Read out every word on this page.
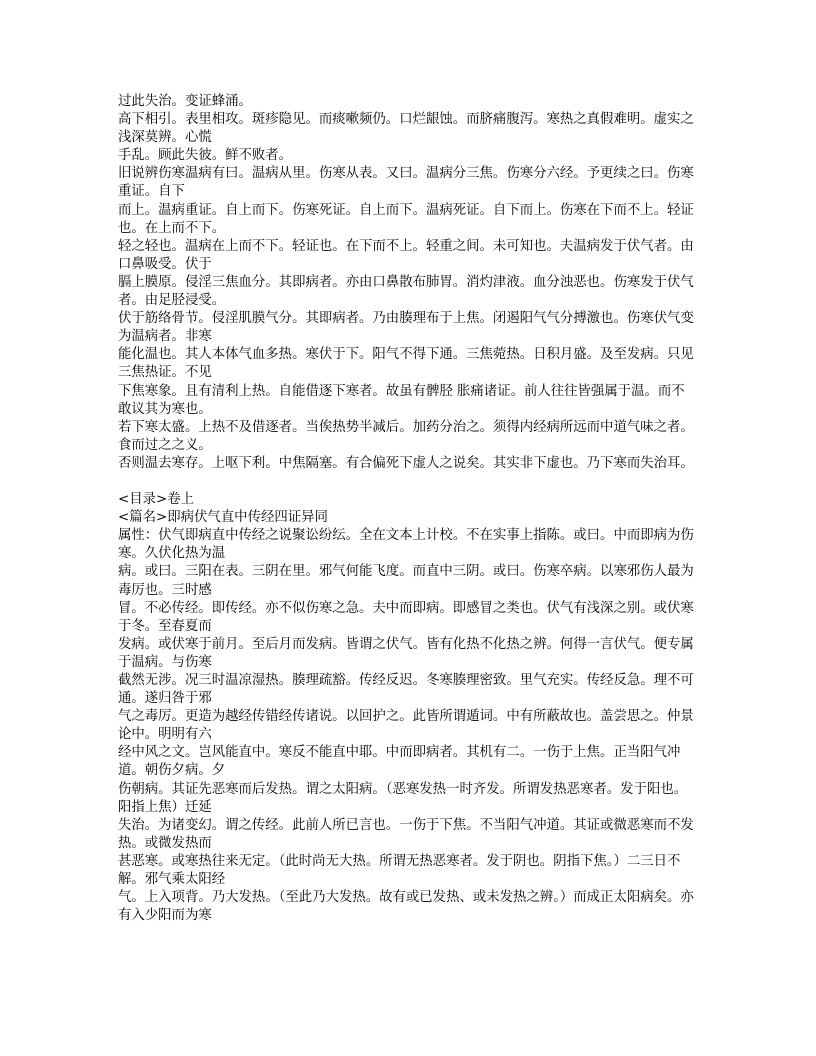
过此失治。变证蜂涌。

高下相引。表里相攻。斑疹隐见。而痰嗽频仍。口烂龈蚀。而脐痛腹泻。寒热之真假难明。虚实之浅深莫辨。心慌

手乱。顾此失彼。鲜不败者。

旧说辨伤寒温病有曰。温病从里。伤寒从表。又曰。温病分三焦。伤寒分六经。予更续之曰。伤寒重证。自下

而上。温病重证。自上而下。伤寒死证。自上而下。温病死证。自下而上。伤寒在下而不上。轻证也。在上而不下。

轻之轻也。温病在上而不下。轻证也。在下而不上。轻重之间。未可知也。夫温病发于伏气者。由口鼻吸受。伏于

膈上膜原。侵淫三焦血分。其即病者。亦由口鼻散布肺胃。消灼津液。血分浊恶也。伤寒发于伏气者。由足胫浸受。

伏于筋络骨节。侵淫肌膜气分。其即病者。乃由腠理布于上焦。闭遏阳气气分搏激也。伤寒伏气变为温病者。非寒

能化温也。其人本体气血多热。寒伏于下。阳气不得下通。三焦菀热。日积月盛。及至发病。只见三焦热证。不见

下焦寒象。且有清利上热。自能借逐下寒者。故虽有髀胫 胀痛诸证。前人往往皆强属于温。而不敢议其为寒也。

若下寒太盛。上热不及借逐者。当俟热势半减后。加药分治之。须得内经病所远而中道气味之者。食而过之之义。

否则温去寒存。上呕下利。中焦隔塞。有合偏死下虚人之说矣。其实非下虚也。乃下寒而失治耳。

<目录>卷上

<篇名>即病伏气直中传经四证异同

属性：伏气即病直中传经之说聚讼纷纭。全在文本上计校。不在实事上指陈。或曰。中而即病为伤寒。久伏化热为温

病。或曰。三阳在表。三阴在里。邪气何能飞度。而直中三阴。或曰。伤寒卒病。以寒邪伤人最为毒厉也。三时感

冒。不必传经。即传经。亦不似伤寒之急。夫中而即病。即感冒之类也。伏气有浅深之别。或伏寒于冬。至春夏而

发病。或伏寒于前月。至后月而发病。皆谓之伏气。皆有化热不化热之辨。何得一言伏气。便专属于温病。与伤寒

截然无涉。况三时温凉湿热。腠理疏豁。传经反迟。冬寒腠理密致。里气充实。传经反急。理不可通。遂归咎于邪

气之毒厉。更造为越经传错经传诸说。以回护之。此皆所谓遁词。中有所蔽故也。盖尝思之。仲景论中。明明有六

经中风之文。岂风能直中。寒反不能直中耶。中而即病者。其机有二。一伤于上焦。正当阳气冲道。朝伤夕病。夕

伤朝病。其证先恶寒而后发热。谓之太阳病。（恶寒发热一时齐发。所谓发热恶寒者。发于阳也。阳指上焦）迁延

失治。为诸变幻。谓之传经。此前人所已言也。一伤于下焦。不当阳气冲道。其证或微恶寒而不发热。或微发热而

甚恶寒。或寒热往来无定。（此时尚无大热。所谓无热恶寒者。发于阴也。阴指下焦。）二三日不解。邪气乘太阳经

气。上入项背。乃大发热。（至此乃大发热。故有或已发热、或未发热之辨。）而成正太阳病矣。亦有入少阳而为寒
